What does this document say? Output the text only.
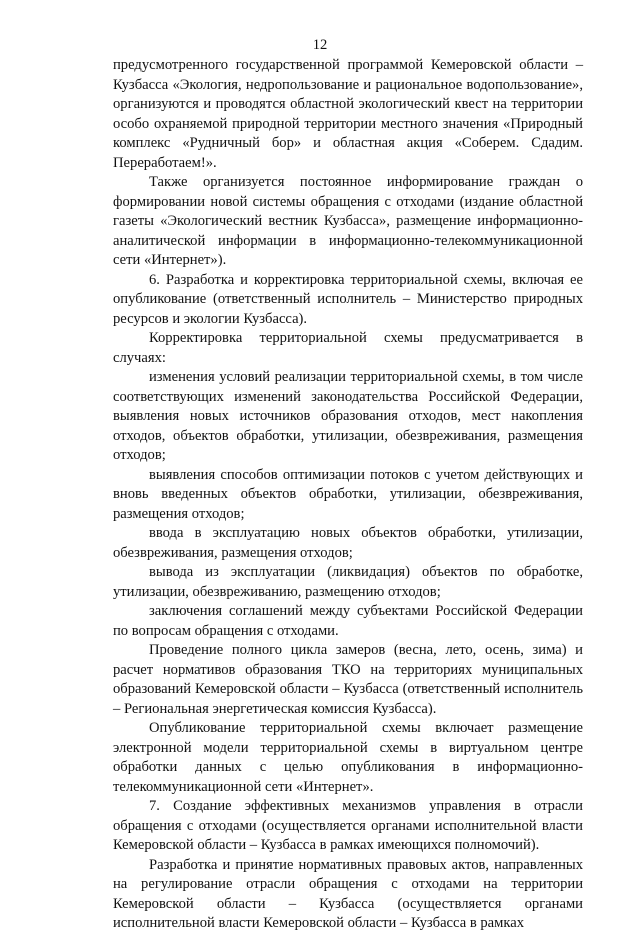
12

предусмотренного государственной программой Кемеровской области – Кузбасса «Экология, недропользование и рациональное водопользование», организуются и проводятся областной экологический квест на территории особо охраняемой природной территории местного значения «Природный комплекс «Рудничный бор» и областная акция «Соберем. Сдадим. Переработаем!».

Также организуется постоянное информирование граждан о формировании новой системы обращения с отходами (издание областной газеты «Экологический вестник Кузбасса», размещение информационно-аналитической информации в информационно-телекоммуникационной сети «Интернет»).

6. Разработка и корректировка территориальной схемы, включая ее опубликование (ответственный исполнитель – Министерство природных ресурсов и экологии Кузбасса).

Корректировка территориальной схемы предусматривается в случаях:

изменения условий реализации территориальной схемы, в том числе соответствующих изменений законодательства Российской Федерации, выявления новых источников образования отходов, мест накопления отходов, объектов обработки, утилизации, обезвреживания, размещения отходов;

выявления способов оптимизации потоков с учетом действующих и вновь введенных объектов обработки, утилизации, обезвреживания, размещения отходов;

ввода в эксплуатацию новых объектов обработки, утилизации, обезвреживания, размещения отходов;

вывода из эксплуатации (ликвидация) объектов по обработке, утилизации, обезвреживанию, размещению отходов;

заключения соглашений между субъектами Российской Федерации по вопросам обращения с отходами.

Проведение полного цикла замеров (весна, лето, осень, зима) и расчет нормативов образования ТКО на территориях муниципальных образований Кемеровской области – Кузбасса (ответственный исполнитель – Региональная энергетическая комиссия Кузбасса).

Опубликование территориальной схемы включает размещение электронной модели территориальной схемы в виртуальном центре обработки данных с целью опубликования в информационно-телекоммуникационной сети «Интернет».

7. Создание эффективных механизмов управления в отрасли обращения с отходами (осуществляется органами исполнительной власти Кемеровской области – Кузбасса в рамках имеющихся полномочий).

Разработка и принятие нормативных правовых актов, направленных на регулирование отрасли обращения с отходами на территории Кемеровской области – Кузбасса (осуществляется органами исполнительной власти Кемеровской области – Кузбасса в рамках
